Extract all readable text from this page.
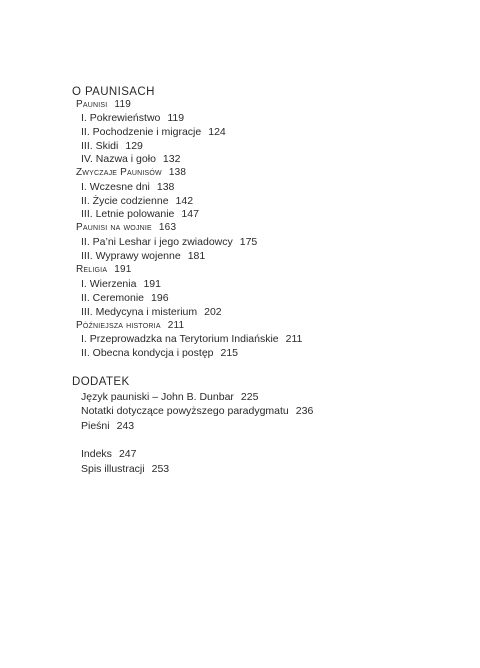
O PAUNISACH
Paunisi 119
I. Pokrewieństwo 119
II. Pochodzenie i migracje 124
III. Skidi 129
IV. Nazwa i goło 132
Zwyczaje Paunisów 138
I. Wczesne dni 138
II. Życie codzienne 142
III. Letnie polowanie 147
Paunisi na wojnie 163
II. Pa’ni Leshar i jego zwiadowcy 175
III. Wyprawy wojenne 181
Religia 191
I. Wierzenia 191
II. Ceremonie 196
III. Medycyna i misterium 202
Późniejsza historia 211
I. Przeprowadzka na Terytorium Indiańskie 211
II. Obecna kondycja i postęp 215
DODATEK
Język pauniski – John B. Dunbar 225
Notatki dotyczące powyższego paradygmatu 236
Pieśni 243
Indeks 247
Spis illustracji 253
